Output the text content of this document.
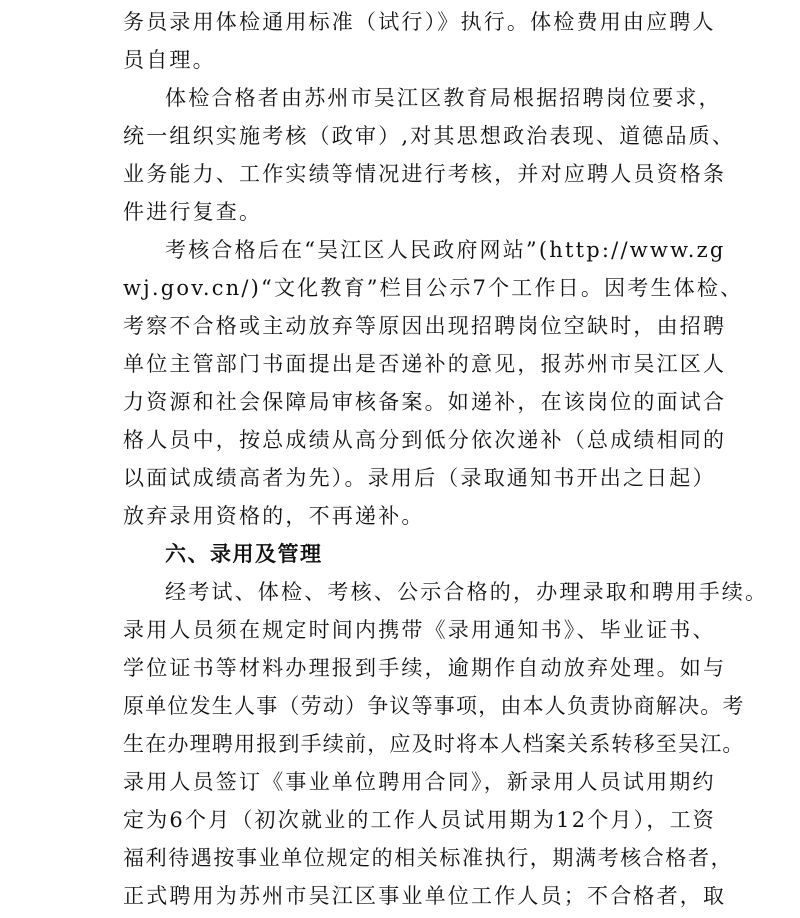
务员录用体检通用标准（试行）》执行。体检费用由应聘人
员自理。
体检合格者由苏州市吴江区教育局根据招聘岗位要求，
统一组织实施考核（政审）,对其思想政治表现、道德品质、
业务能力、工作实绩等情况进行考核，并对应聘人员资格条
件进行复查。
考核合格后在“吴江区人民政府网站”(http://www.zg
wj.gov.cn/)“文化教育”栏目公示7个工作日。因考生体检、
考察不合格或主动放弃等原因出现招聘岗位空缺时，由招聘
单位主管部门书面提出是否递补的意见，报苏州市吴江区人
力资源和社会保障局审核备案。如递补，在该岗位的面试合
格人员中，按总成绩从高分到低分依次递补（总成绩相同的
以面试成绩高者为先）。录用后（录取通知书开出之日起）
放弃录用资格的，不再递补。
六、录用及管理
经考试、体检、考核、公示合格的，办理录取和聘用手续。
录用人员须在规定时间内携带《录用通知书》、毕业证书、
学位证书等材料办理报到手续，逾期作自动放弃处理。如与
原单位发生人事（劳动）争议等事项，由本人负责协商解决。考
生在办理聘用报到手续前，应及时将本人档案关系转移至吴江。
录用人员签订《事业单位聘用合同》，新录用人员试用期约
定为6个月（初次就业的工作人员试用期为12个月），工资
福利待遇按事业单位规定的相关标准执行，期满考核合格者，
正式聘用为苏州市吴江区事业单位工作人员；不合格者，取
